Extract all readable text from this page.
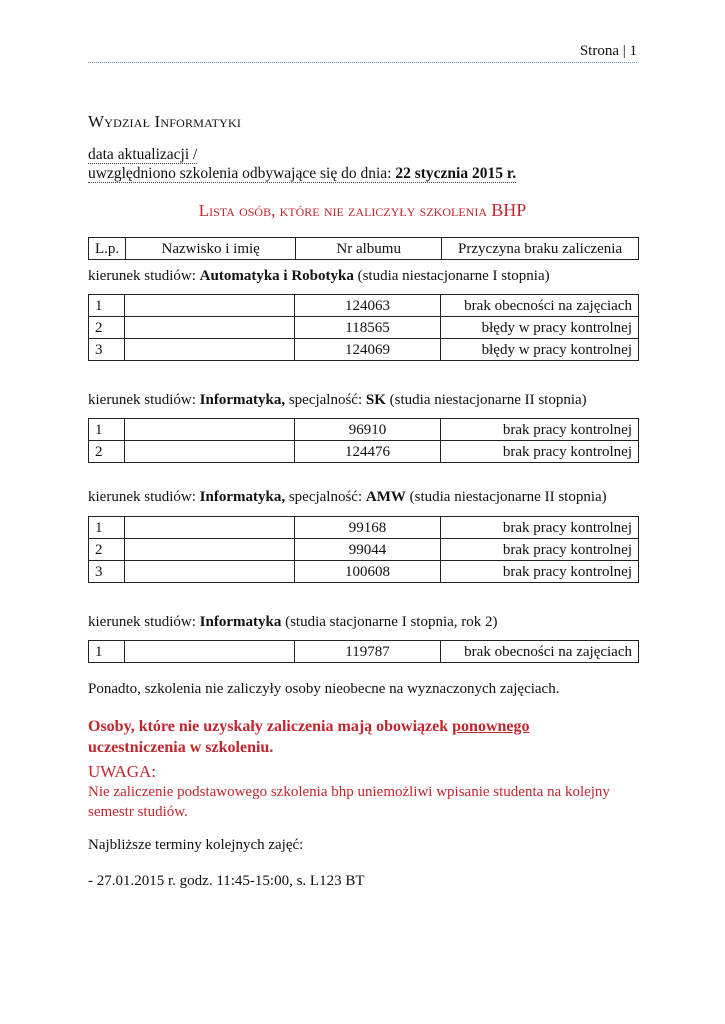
Strona | 1
Wydział Informatyki
data aktualizacji /
uwzględniono szkolenia odbywające się do dnia: 22 stycznia 2015 r.
Lista osób, które nie zaliczyły szkolenia BHP
L.p.	Nazwisko i imię	Nr albumu	Przyczyna braku zaliczenia
kierunek studiów: Automatyka i Robotyka (studia niestacjonarne I stopnia)
1		124063	brak obecności na zajęciach
2		118565	błędy w pracy kontrolnej
3		124069	błędy w pracy kontrolnej
kierunek studiów: Informatyka, specjalność: SK (studia niestacjonarne II stopnia)
1		96910	brak pracy kontrolnej
2		124476	brak pracy kontrolnej
kierunek studiów: Informatyka, specjalność: AMW (studia niestacjonarne II stopnia)
1		99168	brak pracy kontrolnej
2		99044	brak pracy kontrolnej
3		100608	brak pracy kontrolnej
kierunek studiów: Informatyka (studia stacjonarne I stopnia, rok 2)
1		119787	brak obecności na zajęciach
Ponadto, szkolenia nie zaliczyły osoby nieobecne na wyznaczonych zajęciach.
Osoby, które nie uzyskały zaliczenia mają obowiązek ponownego uczestniczenia w szkoleniu.
UWAGA:
Nie zaliczenie podstawowego szkolenia bhp uniemożliwi wpisanie studenta na kolejny semestr studiów.
Najbliższe terminy kolejnych zajęć:
- 27.01.2015 r. godz. 11:45-15:00, s. L123 BT
